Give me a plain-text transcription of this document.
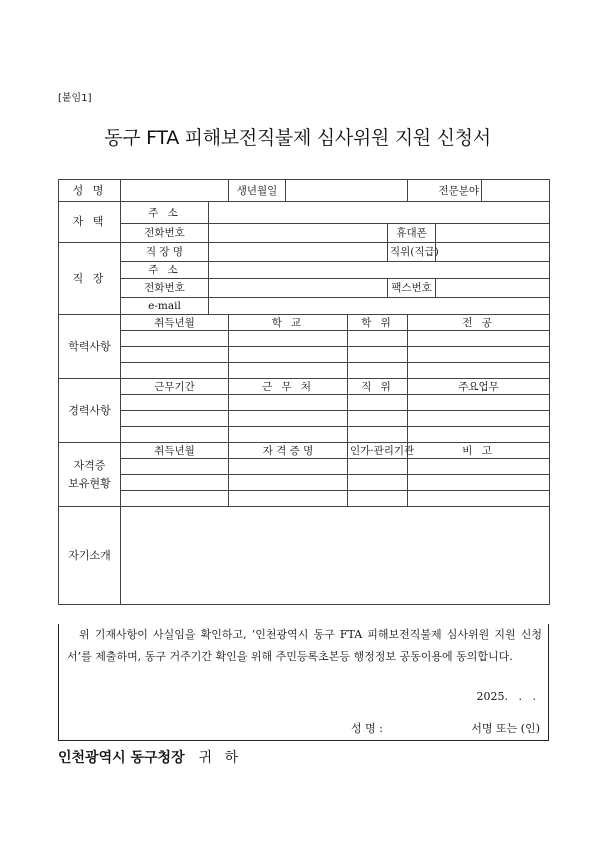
[붙임1]
동구 FTA 피해보전직불제 심사위원 지원 신청서
성 명			생년월일				전문분야		
자 택	주 소								
	전화번호					휴대폰			
직 장	직 장 명					직위(직급)			
	주 소								
	전화번호					팩스번호			
	e-mail								
학력사항	취득년월		학 교		학 위		전 공		

경력사항	근무기간		근 무 처		직 위		주요업무		

자격증
보유현황	취득년월		자 격 증 명		인가·관리기관		비 고		

자기소개									

위 기재사항이 사실임을 확인하고, ‘인천광역시 동구 FTA 피해보전직불제 심사위원 지원 신청서’를 제출하며, 동구 거주기간 확인을 위해 주민등록초본등 행정정보 공동이용에 동의합니다.

2025.   .   .
성 명 :	서명 또는 (인)
인천광역시 동구청장 귀 하
